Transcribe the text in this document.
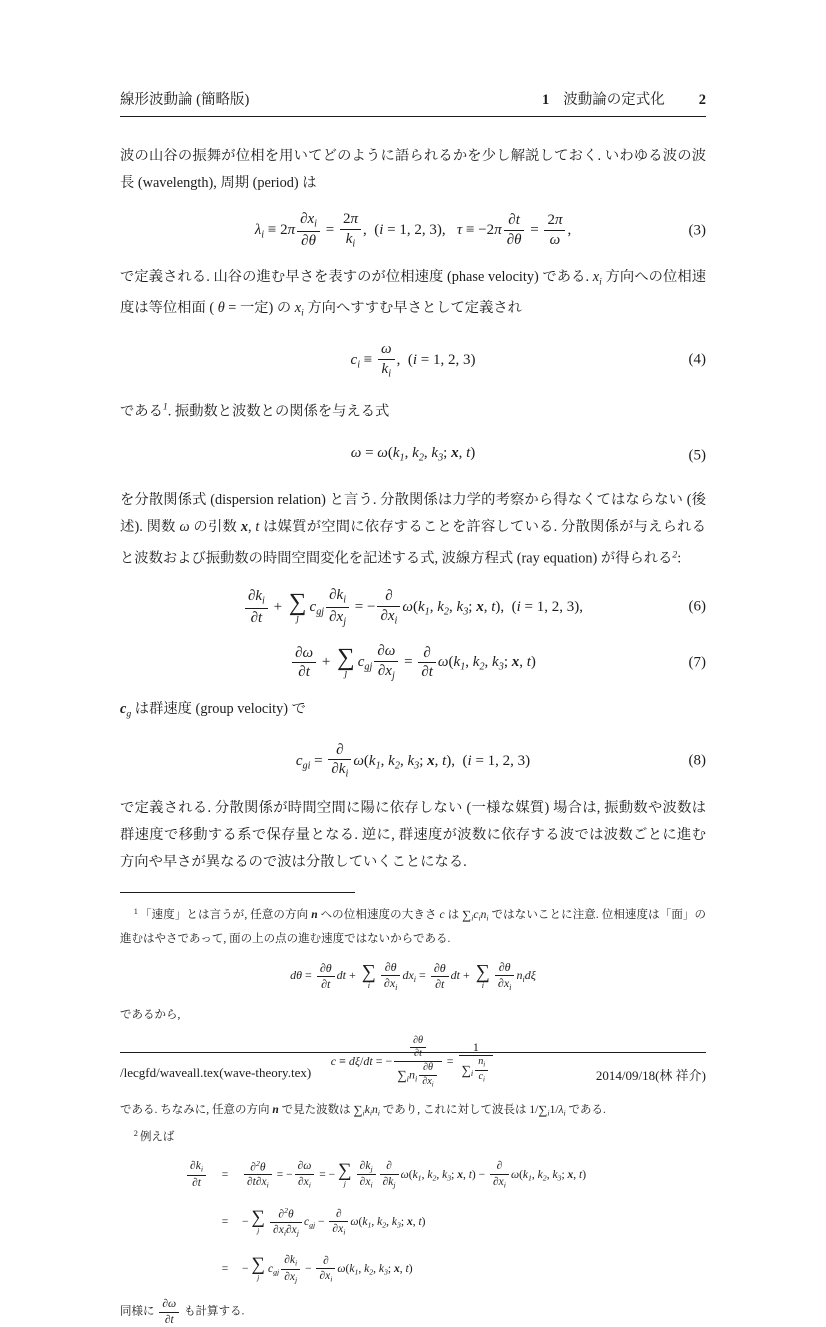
線形波動論 (簡略版)	1 波動論の定式化 2

波の山谷の振舞が位相を用いてどのように語られるかを少し解説しておく. いわゆる波の波長 (wavelength), 周期 (period) は

$\lambda_i \equiv 2\pi \frac{\partial x_i}{\partial\theta} = \frac{2\pi}{k_i}$ ,  (i = 1, 2, 3),   $\tau \equiv -2\pi \frac{\partial t}{\partial\theta} = \frac{2\pi}{\omega}$ ,	(3)

で定義される. 山谷の進む早さを表すのが位相速度 (phase velocity) である. $x_i$ 方向への位相速度は等位相面 ( θ = 一定) の $x_i$ 方向へすすむ早さとして定義され

$c_i \equiv \frac{\omega}{k_i}$ ,  (i = 1, 2, 3)	(4)

である$^1$. 振動数と波数との関係を与える式

$\omega = \omega(k_1$, $k_2$, $k_3$; x, t)	(5)

を分散関係式 (dispersion relation) と言う. 分散関係は力学的考察から得なくてはならない (後述). 関数 ω の引数 x, t は媒質が空間に依存することを許容している. 分散関係が与えられると波数および振動数の時間空間変化を記述する式, 波線方程式 (ray equation) が得られる$^2$:

$\frac{\partial k_i}{\partial t}$ + ∑
j
$c_{gj} \frac{\partial k_i}{\partial x_j}$ = − $\frac{\partial}{\partial x_i} \omega(k_1$, $k_2$, $k_3$; x, t),  (i = 1, 2, 3),	(6)
$\frac{\partial\omega}{\partial t}$ + ∑
j
$c_{gj} \frac{\partial\omega}{\partial x_j} = \frac{\partial}{\partial t} \omega(k_1$, $k_2$, $k_3$; x, t)	(7)

$c_g$ は群速度 (group velocity) で

$c_{gi} = \frac{\partial}{\partial k_i} \omega(k_1$, $k_2$, $k_3$; x, t),  (i = 1, 2, 3)	(8)

で定義される. 分散関係が時間空間に陽に依存しない (一様な媒質) 場合は, 振動数や波数は群速度で移動する系で保存量となる. 逆に, 群速度が波数に依存する波では波数ごとに進む方向や早さが異なるので波は分散していくことになる.

$^1$ 「速度」とは言うが, 任意の方向 n への位相速度の大きさ c は $\sum_ic_in_i$ ではないことに注意. 位相速度は「面」の進むはやさであって, 面の上の点の進む速度ではないからである.

$d\theta = \frac{\partial\theta}{\partial t}$ dt + ∑
i $\frac{\partial\theta}{\partial x_i} dx_i = \frac{\partial\theta}{\partial t}$ dt + ∑
i $\frac{\partial\theta}{\partial x_i} n_id\xi$

であるから,

c ≡ dξ/dt = − $\frac{\frac{\partial\theta}{\partial t}}{\sum_in_i \frac{\partial\theta}{\partial x_i}} = \frac{1}{\sum_i \frac{n_i}{c_i}}$

である. ちなみに, 任意の方向 n で見た波数は $\sum_ik_in_i$ であり, これに対して波長は $1/\sum_i1/\lambda_i$ である.

$^2$ 例えば

$\frac{\partial k_i}{\partial t}$	=	$\frac{\partial^2\theta}{\partial t\partial x_i}$ = − $\frac{\partial\omega}{\partial x_i}$ = − ∑
j $\frac{\partial k_j}{\partial x_i} \frac{\partial}{\partial k_j} \omega(k_1$, $k_2$, $k_3$; x, $t) - \frac{\partial}{\partial x_i} \omega(k_1$, $k_2$, $k_3$; x, t)
=	− ∑
j $\frac{\partial^2\theta}{\partial x_i\partial x_j} c_{gj} - \frac{\partial}{\partial x_i} \omega(k_1$, $k_2$, $k_3$; x, t)
=	− ∑
j
$c_{gj} \frac{\partial k_i}{\partial x_j} - \frac{\partial}{\partial x_i} \omega(k_1$, $k_2$, $k_3$; x, t)

同様に $\frac{\partial\omega}{\partial t}$ も計算する.

/lecgfd/waveall.tex(wave-theory.tex)	2014/09/18(林 祥介)
